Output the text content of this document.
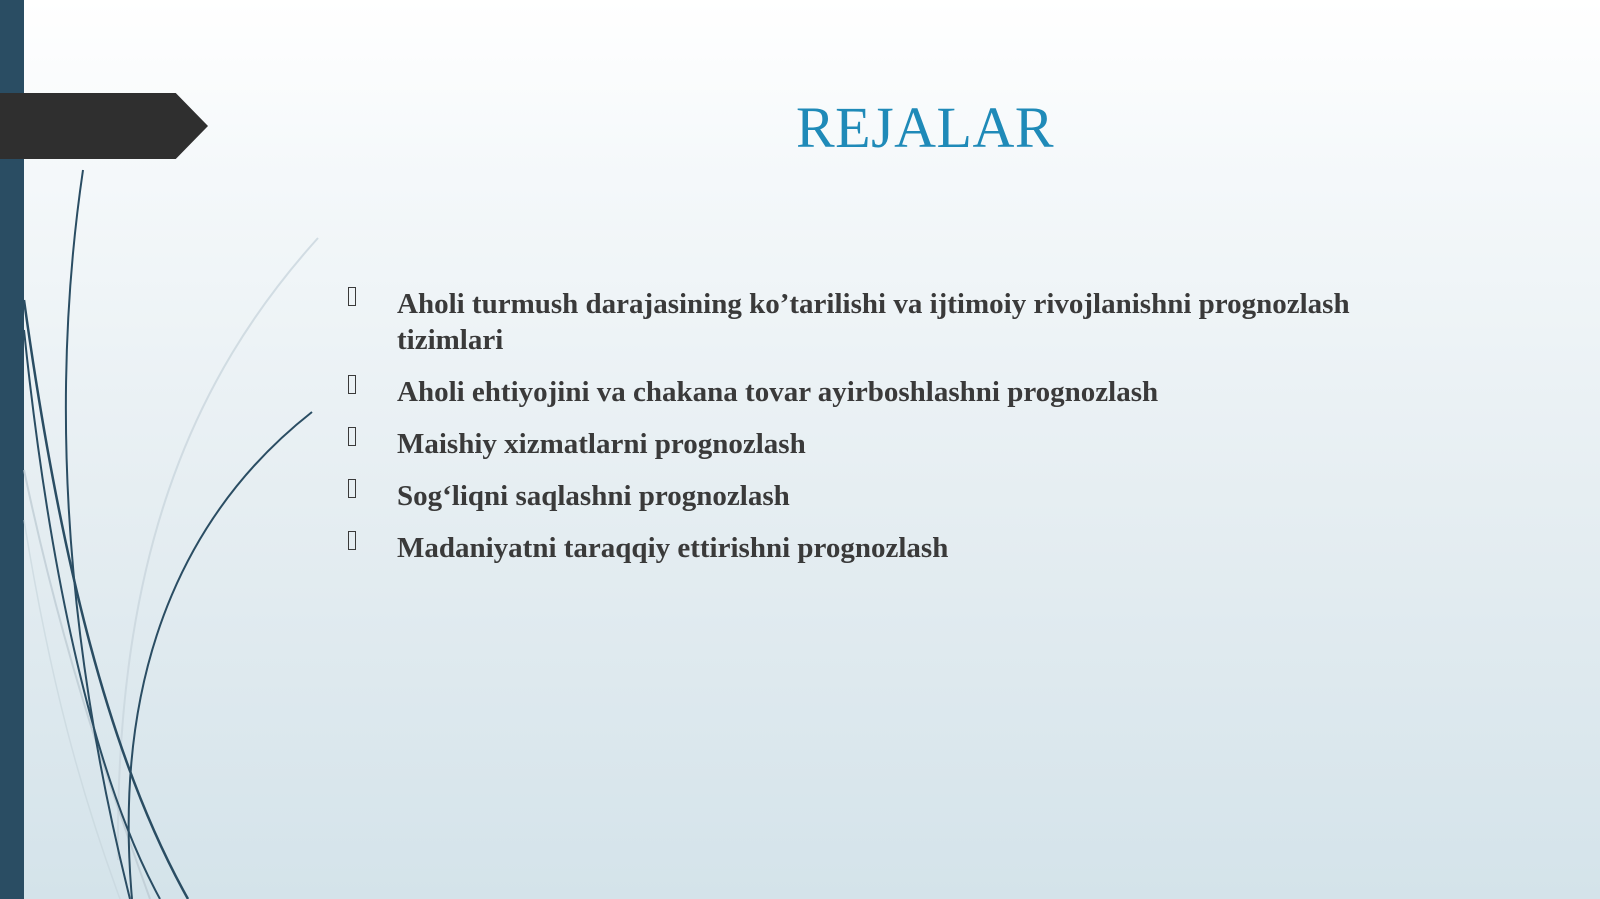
REJALAR
Aholi turmush darajasining ko’tarilishi va ijtimoiy rivojlanishni prognozlash tizimlari
Aholi ehtiyojini va chakana tovar ayirboshlashni prognozlash
Maishiy xizmatlarni prognozlash
Sog‘liqni saqlashni prognozlash
Madaniyatni taraqqiy ettirishni prognozlash
